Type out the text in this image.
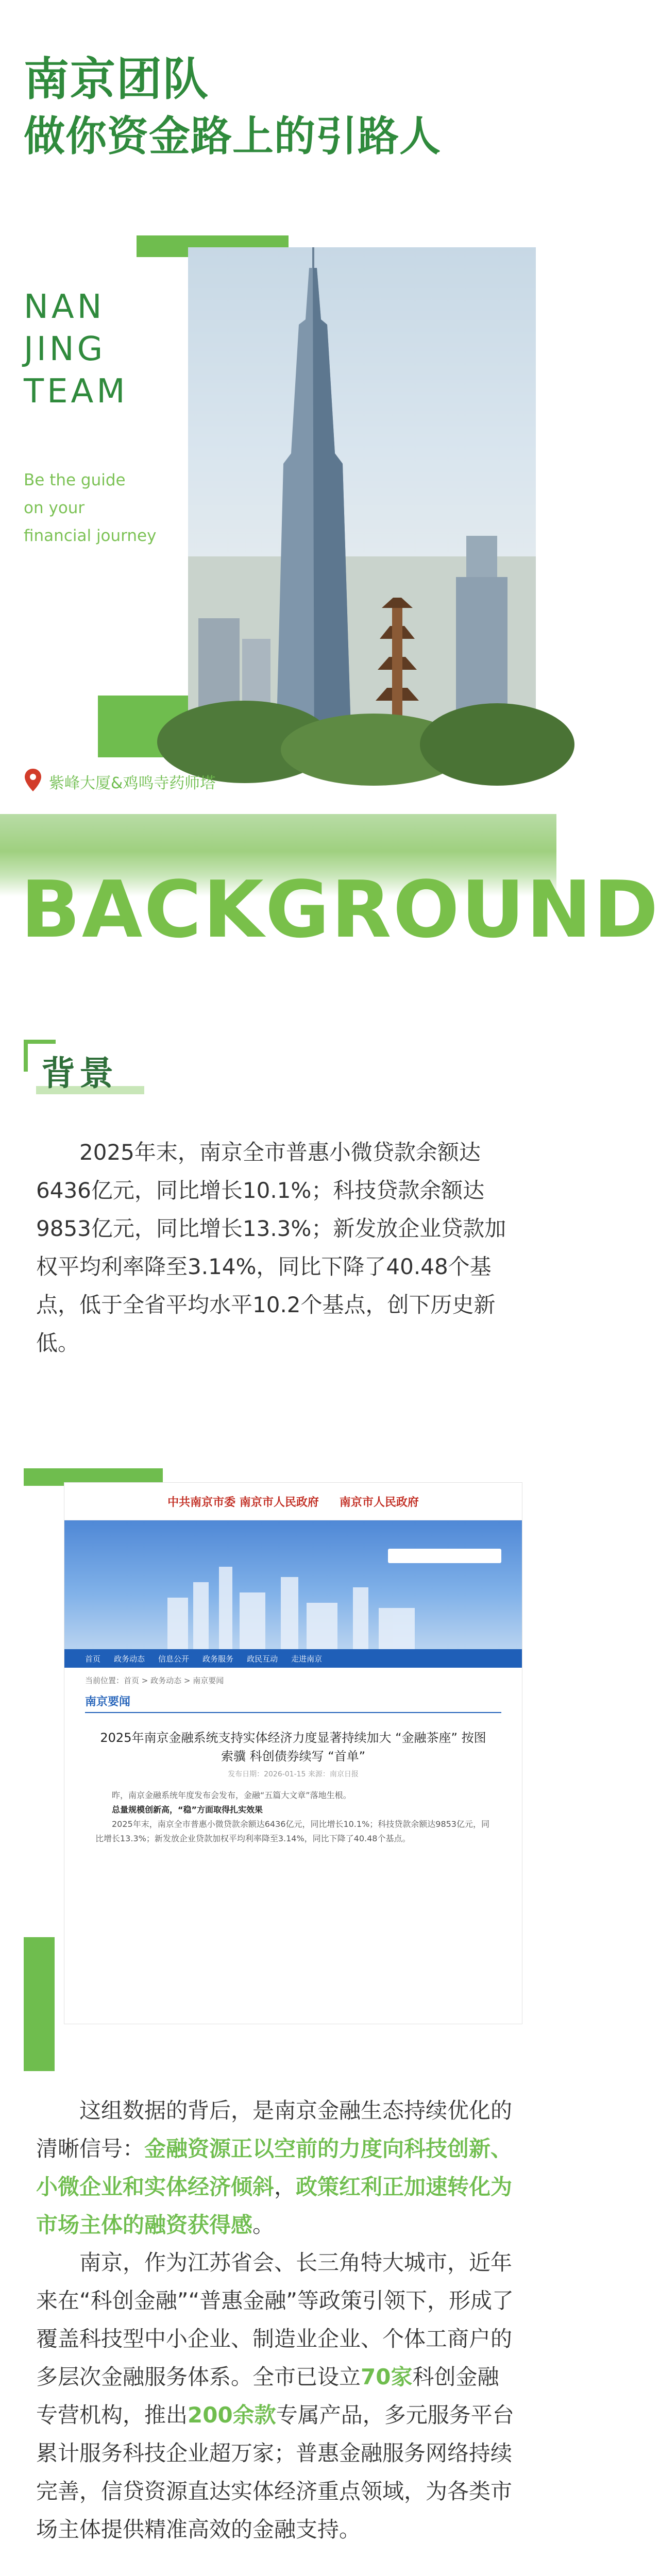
南京团队
做你资金路上的引路人
NAN
JING
TEAM
Be the guide
on your
financial journey
紫峰大厦&鸡鸣寺药师塔
BACKGROUND
背景
2025年末，南京全市普惠小微贷款余额达6436亿元，同比增长10.1%；科技贷款余额达9853亿元，同比增长13.3%；新发放企业贷款加权平均利率降至3.14%，同比下降了40.48个基点，低于全省平均水平10.2个基点，创下历史新低。
中共南京市委 南京市人民政府 南京市人民政府
首页 政务动态 信息公开 政务服务 政民互动 走进南京
当前位置：首页 > 政务动态 > 南京要闻
南京要闻
2025年南京金融系统支持实体经济力度显著持续加大 “金融茶座” 按图索骥 科创债券续写 “首单”
发布日期：2026-01-15 来源：南京日报
昨，南京金融系统年度发布会发布，金融“五篇大文章”落地生根。
总量规模创新高，“稳”方面取得扎实效果
2025年末，南京全市普惠小微贷款余额达6436亿元，同比增长10.1%；科技贷款余额达9853亿元，同比增长13.3%；新发放企业贷款加权平均利率降至3.14%，同比下降了40.48个基点。
这组数据的背后，是南京金融生态持续优化的清晰信号：金融资源正以空前的力度向科技创新、小微企业和实体经济倾斜，政策红利正加速转化为市场主体的融资获得感。
南京，作为江苏省会、长三角特大城市，近年来在“科创金融”“普惠金融”等政策引领下，形成了覆盖科技型中小企业、制造业企业、个体工商户的多层次金融服务体系。全市已设立70家科创金融专营机构，推出200余款专属产品，多元服务平台累计服务科技企业超万家；普惠金融服务网络持续完善，信贷资源直达实体经济重点领域，为各类市场主体提供精准高效的金融支持。
